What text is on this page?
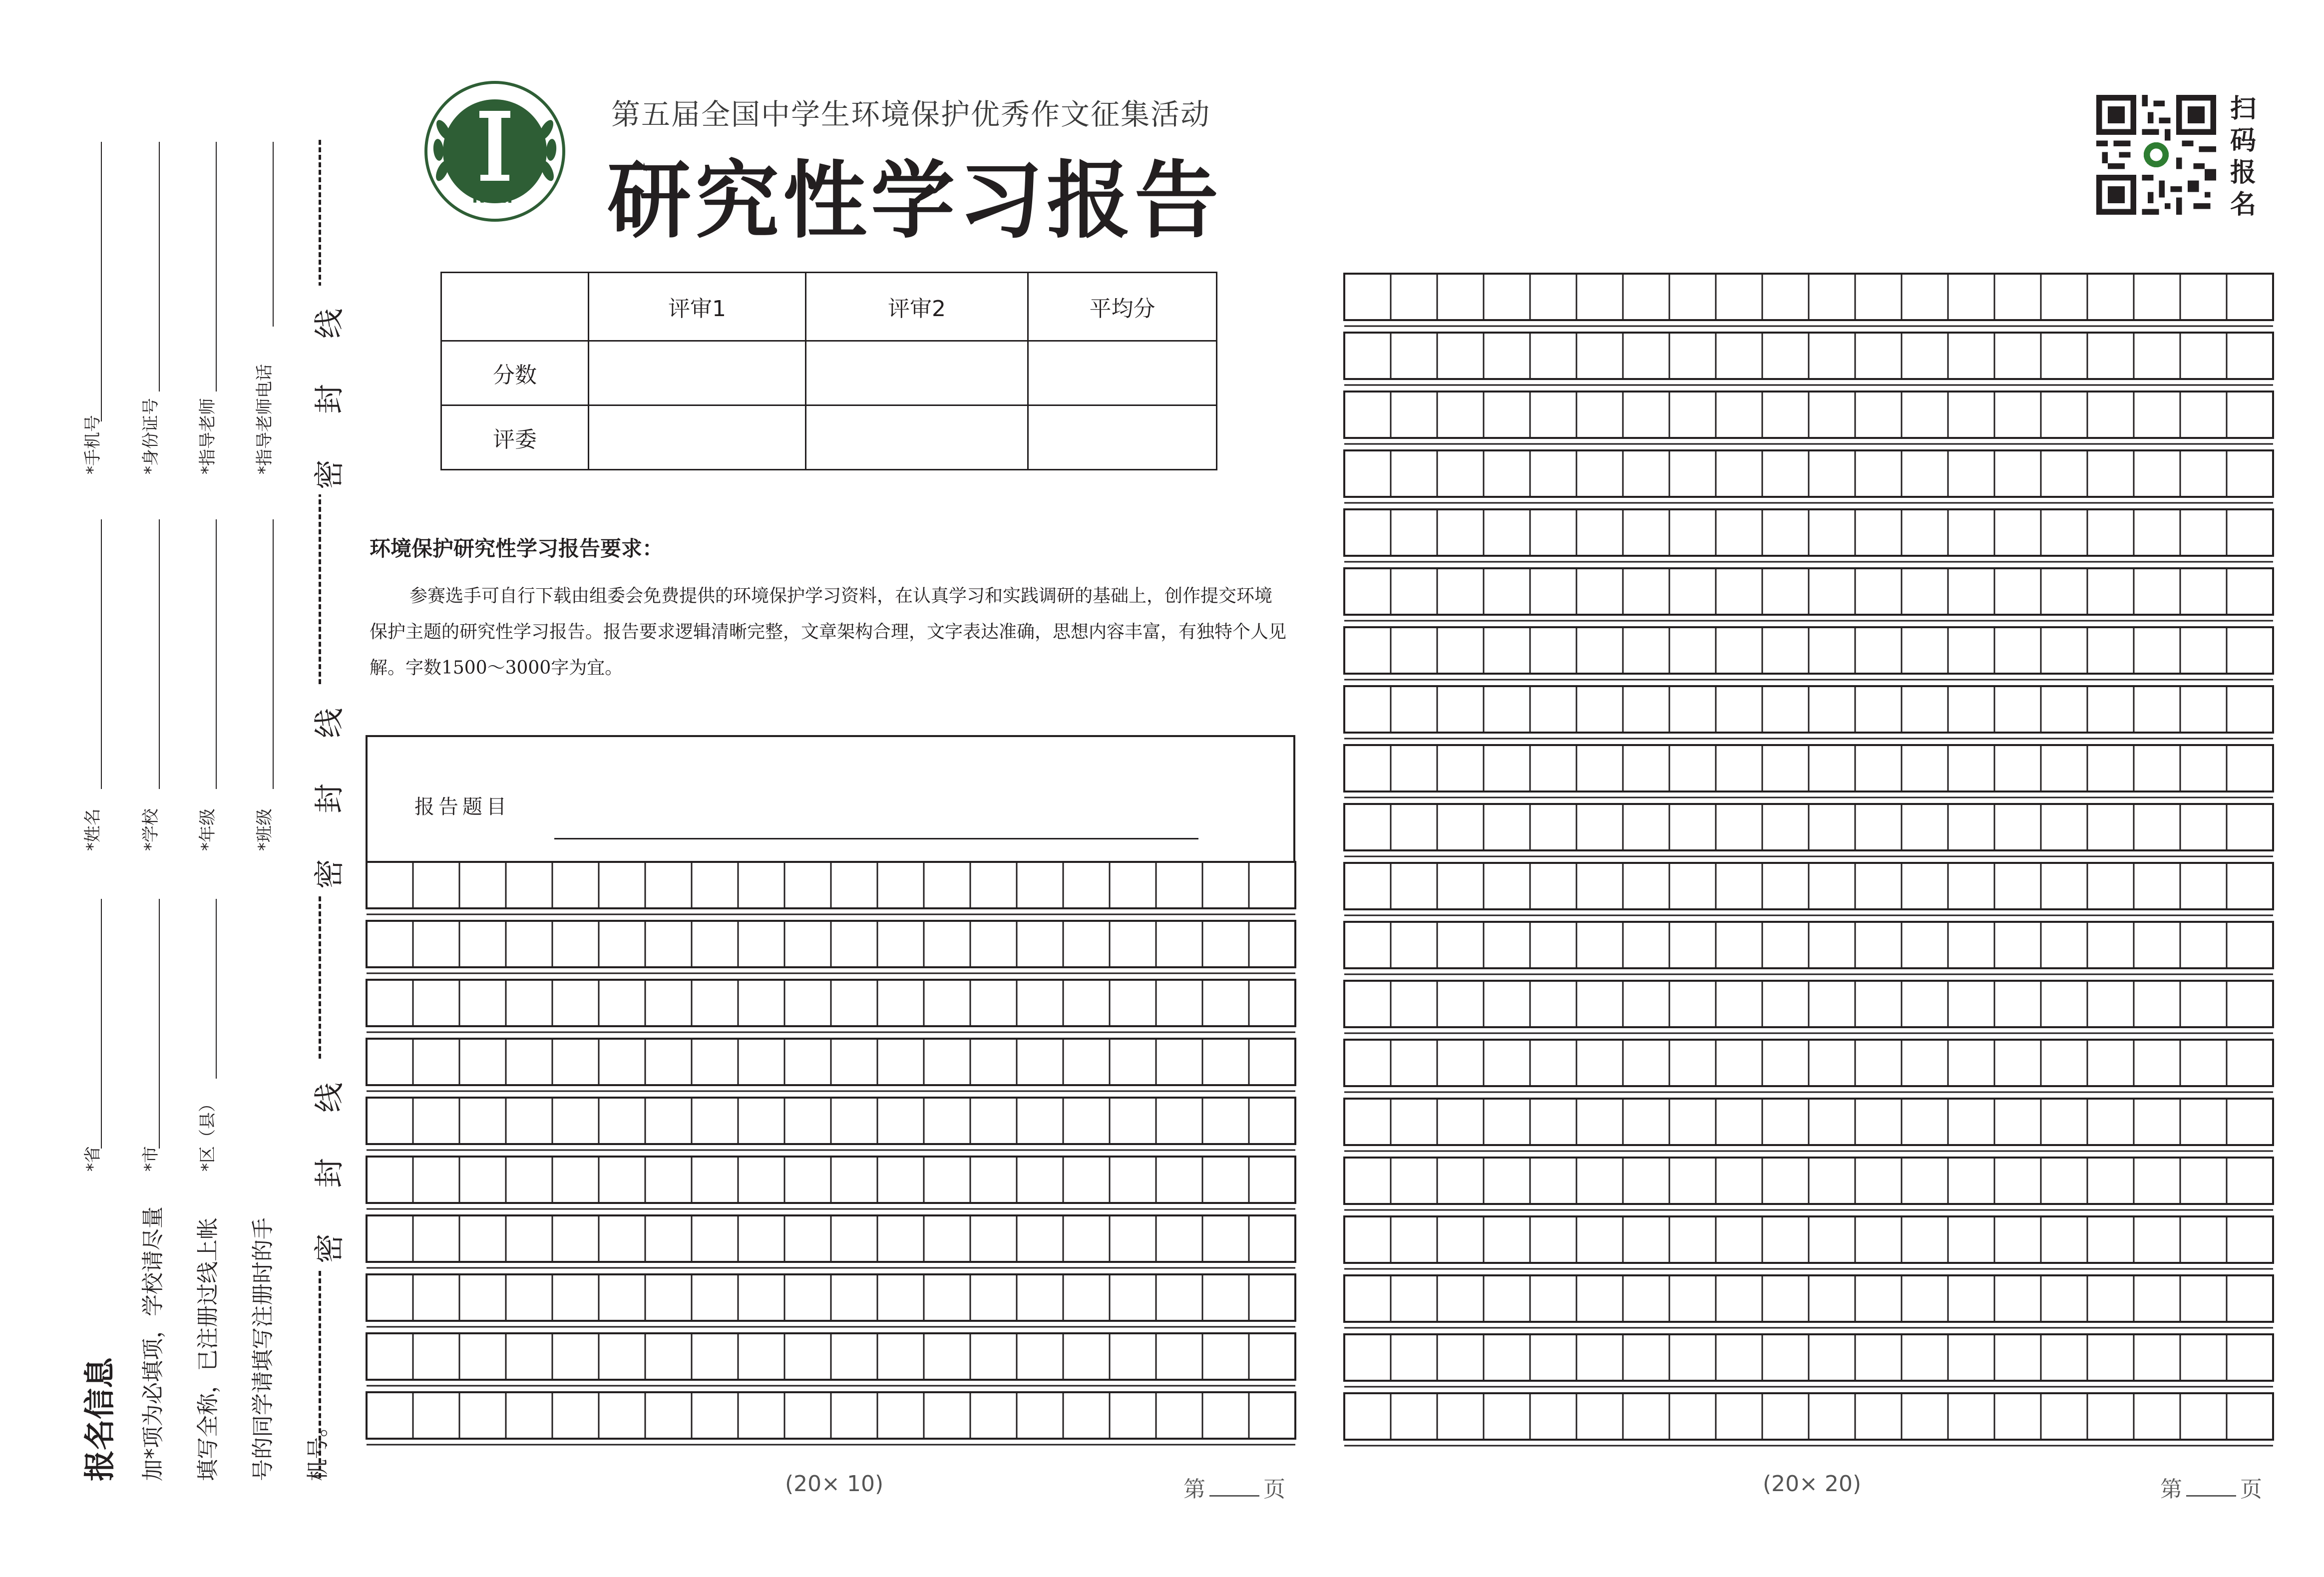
报名信息 加*项为必填项，学校请尽量 填写全称，已注册过线上帐 号的同学请填写注册时的手 机号。
*手机号 *身份证号 *指导老师 *指导老师电话
*姓名 *学校 *年级 *班级
*省 *市 *区（县）
密 封 线
密 封 线
密 封 线
RCEF
第五届全国中学生环境保护优秀作文征集活动
研究性学习报告
扫码报名
	评审1	评审2	平均分
分数			
评委			
环境保护研究性学习报告要求：
参赛选手可自行下载由组委会免费提供的环境保护学习资料，在认真学习和实践调研的基础上，创作提交环境保护主题的研究性学习报告。报告要求逻辑清晰完整，文章架构合理，文字表达准确，思想内容丰富，有独特个人见解。字数1500～3000字为宜。
报告题目
(20× 10)	第	页	(20× 20)	第	页
